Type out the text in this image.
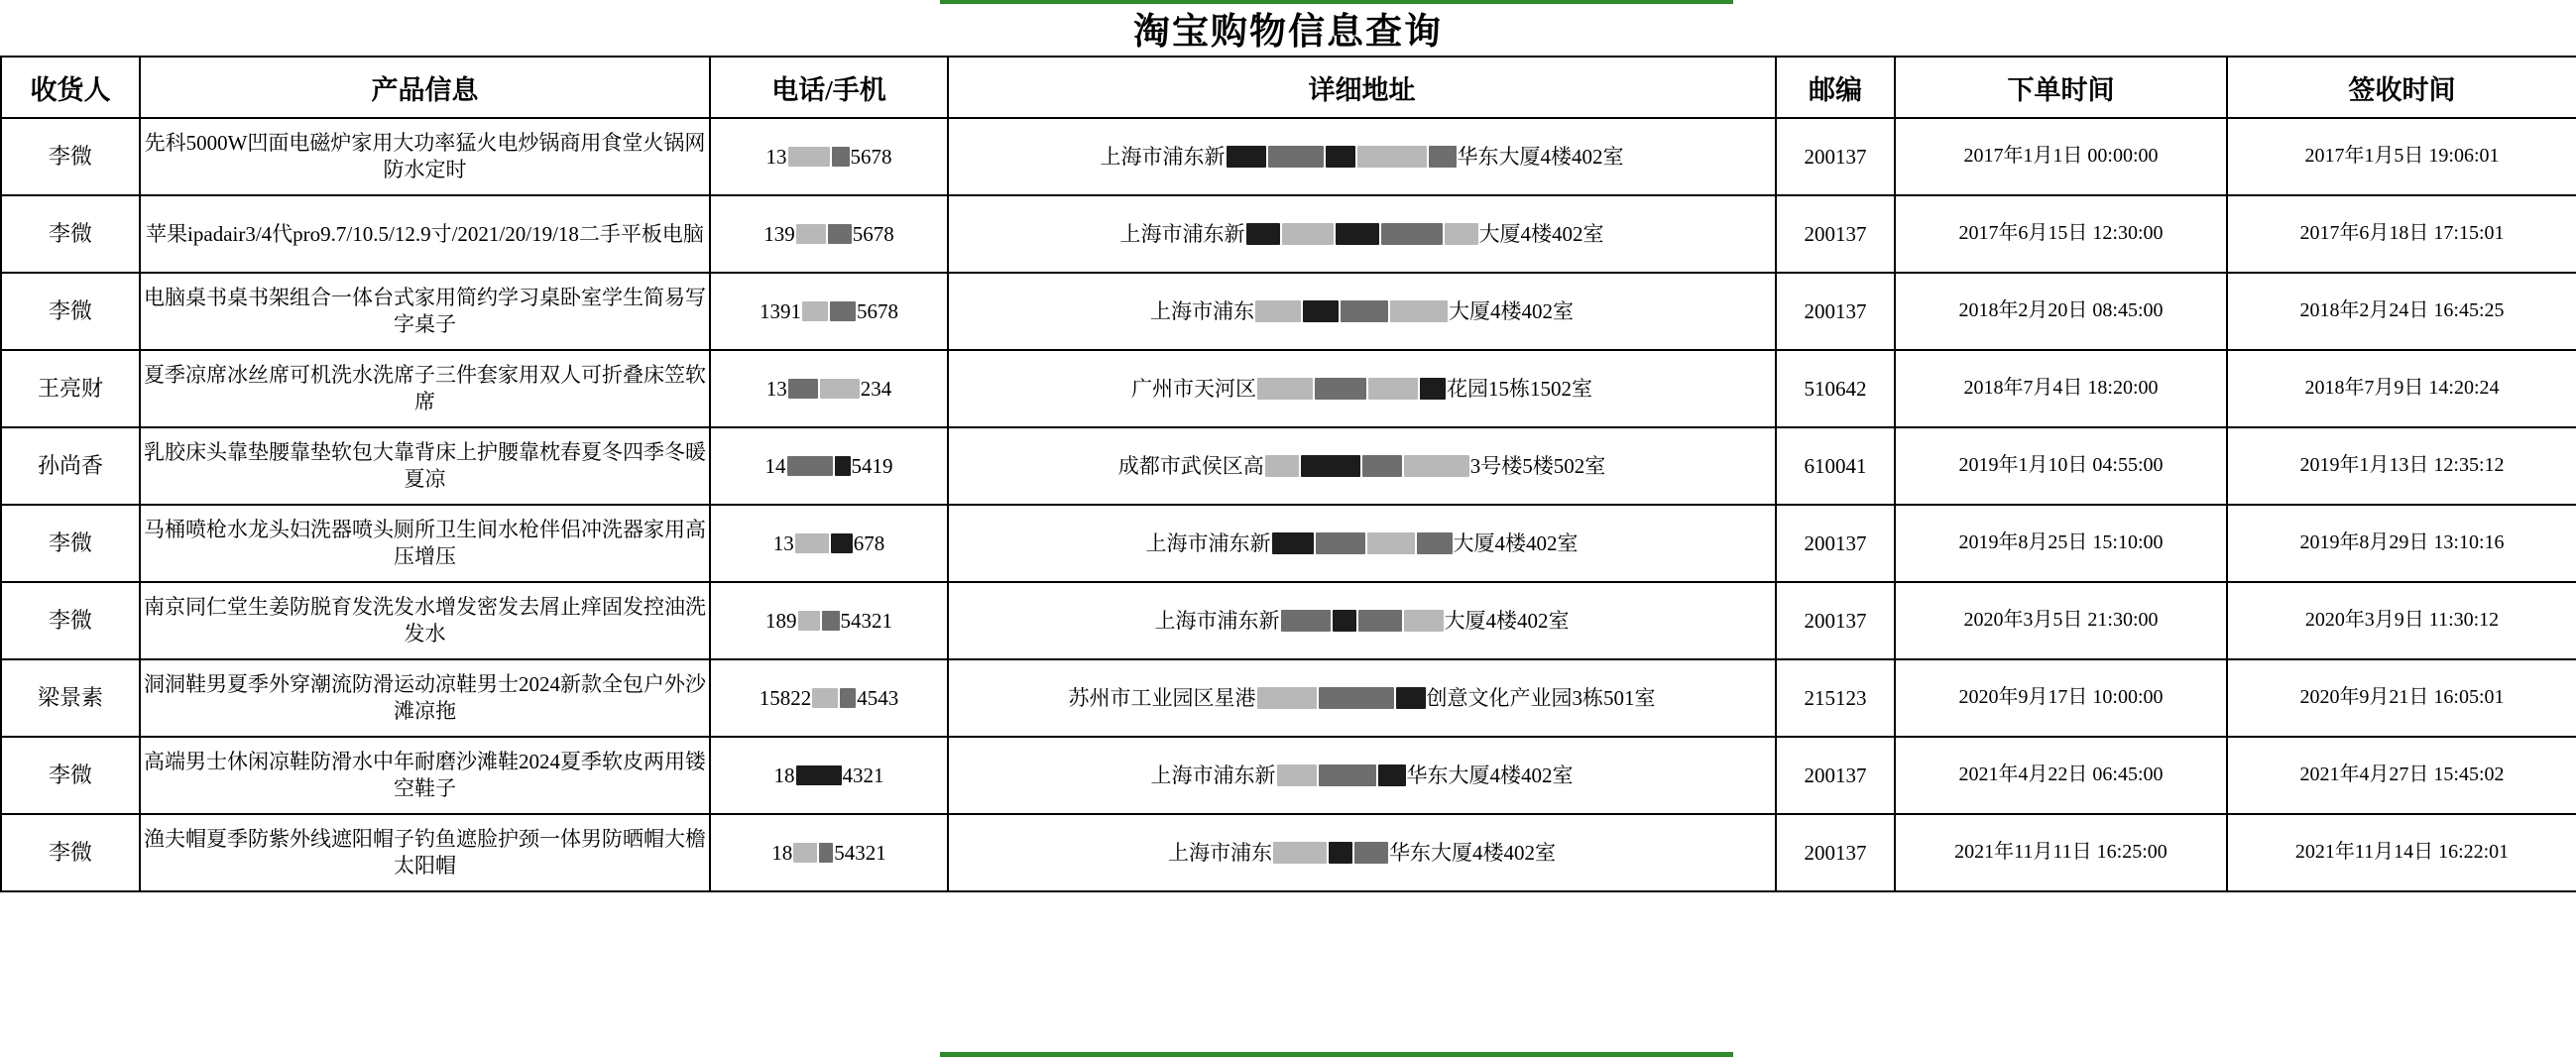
淘宝购物信息查询
收货人	产品信息	电话/手机	详细地址	邮编	下单时间	签收时间
李微	先科5000W凹面电磁炉家用大功率猛火电炒锅商用食堂火锅网防水定时	13 5678	上海市浦东新 华东大厦4楼402室	200137	2017年1月1日 00:00:00	2017年1月5日 19:06:01
李微	苹果ipadair3/4代pro9.7/10.5/12.9寸/2021/20/19/18二手平板电脑	139 5678	上海市浦东新 大厦4楼402室	200137	2017年6月15日 12:30:00	2017年6月18日 17:15:01
李微	电脑桌书桌书架组合一体台式家用简约学习桌卧室学生简易写字桌子	1391 5678	上海市浦东 大厦4楼402室	200137	2018年2月20日 08:45:00	2018年2月24日 16:45:25
王亮财	夏季凉席冰丝席可机洗水洗席子三件套家用双人可折叠床笠软席	13 234	广州市天河区 花园15栋1502室	510642	2018年7月4日 18:20:00	2018年7月9日 14:20:24
孙尚香	乳胶床头靠垫腰靠垫软包大靠背床上护腰靠枕春夏冬四季冬暖夏凉	14 5419	成都市武侯区高 3号楼5楼502室	610041	2019年1月10日 04:55:00	2019年1月13日 12:35:12
李微	马桶喷枪水龙头妇洗器喷头厕所卫生间水枪伴侣冲洗器家用高压增压	13 678	上海市浦东新 大厦4楼402室	200137	2019年8月25日 15:10:00	2019年8月29日 13:10:16
李微	南京同仁堂生姜防脱育发洗发水增发密发去屑止痒固发控油洗发水	189 54321	上海市浦东新 大厦4楼402室	200137	2020年3月5日 21:30:00	2020年3月9日 11:30:12
梁景素	洞洞鞋男夏季外穿潮流防滑运动凉鞋男士2024新款全包户外沙滩凉拖	15822 4543	苏州市工业园区星港 创意文化产业园3栋501室	215123	2020年9月17日 10:00:00	2020年9月21日 16:05:01
李微	高端男士休闲凉鞋防滑水中年耐磨沙滩鞋2024夏季软皮两用镂空鞋子	18 4321	上海市浦东新 华东大厦4楼402室	200137	2021年4月22日 06:45:00	2021年4月27日 15:45:02
李微	渔夫帽夏季防紫外线遮阳帽子钓鱼遮脸护颈一体男防晒帽大檐太阳帽	18 54321	上海市浦东 华东大厦4楼402室	200137	2021年11月11日 16:25:00	2021年11月14日 16:22:01
